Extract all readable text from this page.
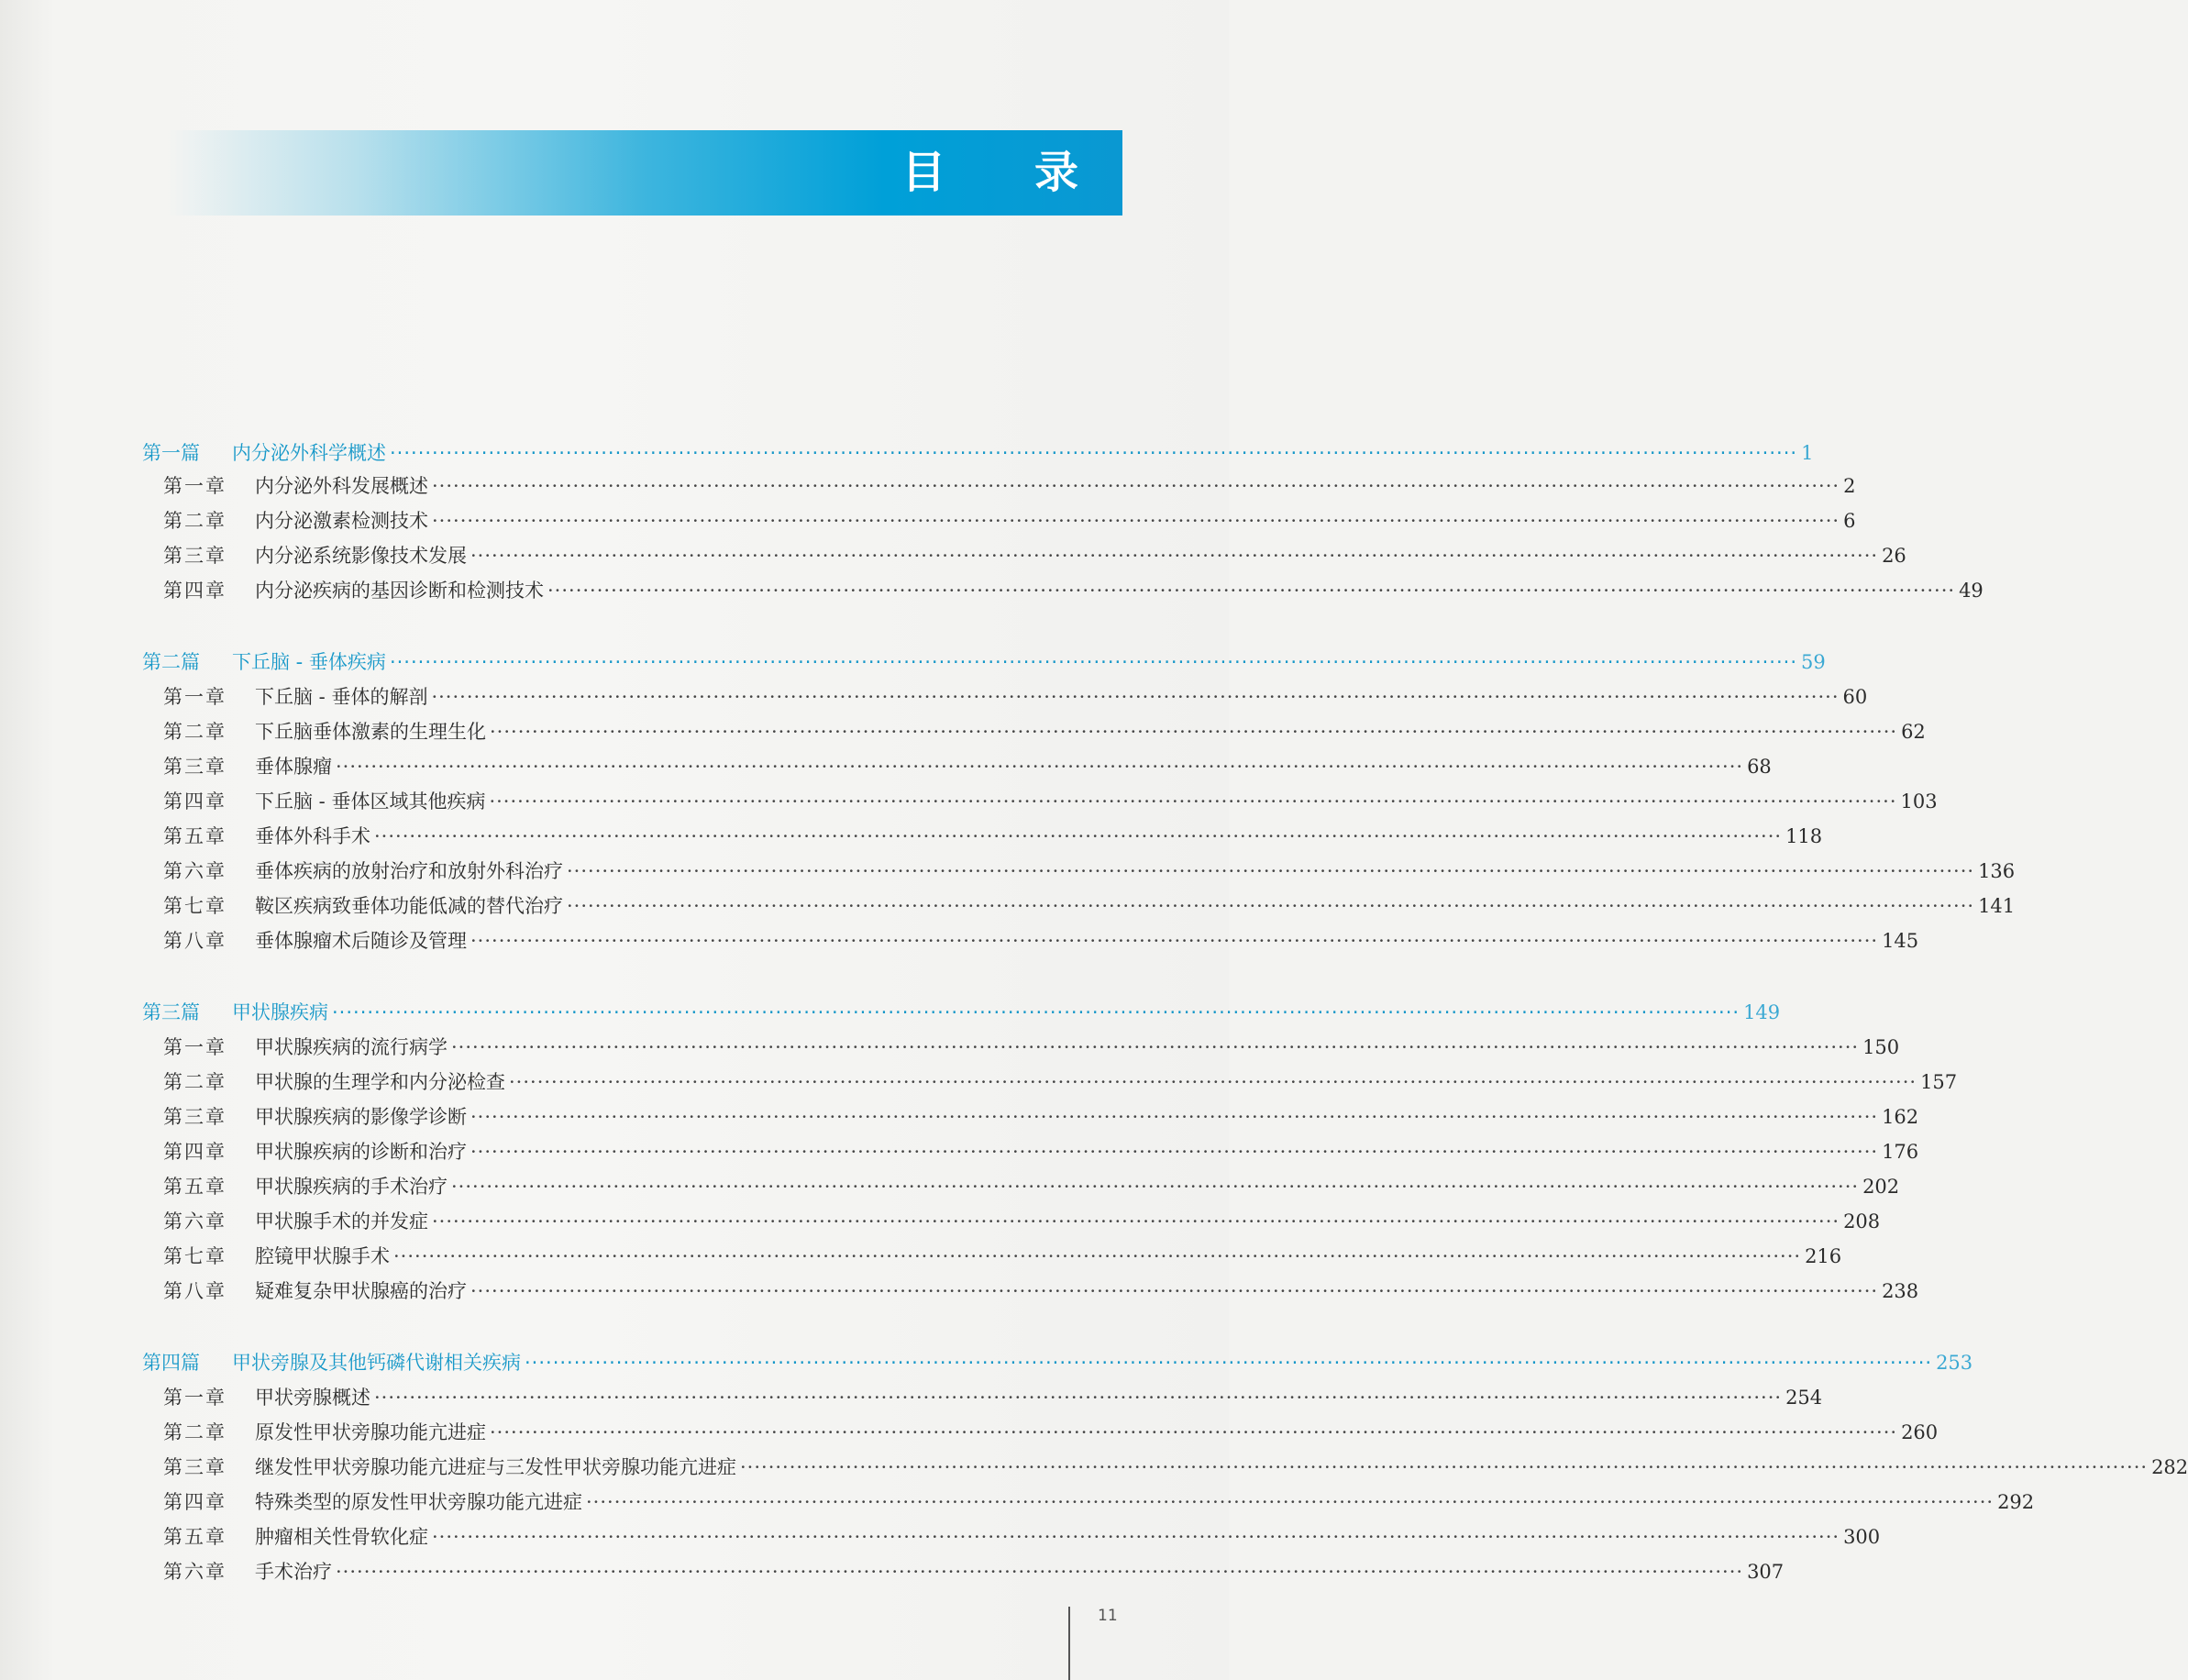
目 录
第一篇	内分泌外科学概述 ········································································································································································································ 1
第一章	内分泌外科发展概述 ········································································································································································································ 2
第二章	内分泌激素检测技术 ········································································································································································································ 6
第三章	内分泌系统影像技术发展 ········································································································································································································ 26
第四章	内分泌疾病的基因诊断和检测技术 ········································································································································································································ 49
第二篇	下丘脑 - 垂体疾病 ········································································································································································································ 59
第一章	下丘脑 - 垂体的解剖 ········································································································································································································ 60
第二章	下丘脑垂体激素的生理生化 ········································································································································································································ 62
第三章	垂体腺瘤 ········································································································································································································ 68
第四章	下丘脑 - 垂体区域其他疾病 ········································································································································································································ 103
第五章	垂体外科手术 ········································································································································································································ 118
第六章	垂体疾病的放射治疗和放射外科治疗 ········································································································································································································ 136
第七章	鞍区疾病致垂体功能低减的替代治疗 ········································································································································································································ 141
第八章	垂体腺瘤术后随诊及管理 ········································································································································································································ 145
第三篇	甲状腺疾病 ········································································································································································································ 149
第一章	甲状腺疾病的流行病学 ········································································································································································································ 150
第二章	甲状腺的生理学和内分泌检查 ········································································································································································································ 157
第三章	甲状腺疾病的影像学诊断 ········································································································································································································ 162
第四章	甲状腺疾病的诊断和治疗 ········································································································································································································ 176
第五章	甲状腺疾病的手术治疗 ········································································································································································································ 202
第六章	甲状腺手术的并发症 ········································································································································································································ 208
第七章	腔镜甲状腺手术 ········································································································································································································ 216
第八章	疑难复杂甲状腺癌的治疗 ········································································································································································································ 238
第四篇	甲状旁腺及其他钙磷代谢相关疾病 ········································································································································································································ 253
第一章	甲状旁腺概述 ········································································································································································································ 254
第二章	原发性甲状旁腺功能亢进症 ········································································································································································································ 260
第三章	继发性甲状旁腺功能亢进症与三发性甲状旁腺功能亢进症 ········································································································································································································ 282
第四章	特殊类型的原发性甲状旁腺功能亢进症 ········································································································································································································ 292
第五章	肿瘤相关性骨软化症 ········································································································································································································ 300
第六章	手术治疗 ········································································································································································································ 307
11
